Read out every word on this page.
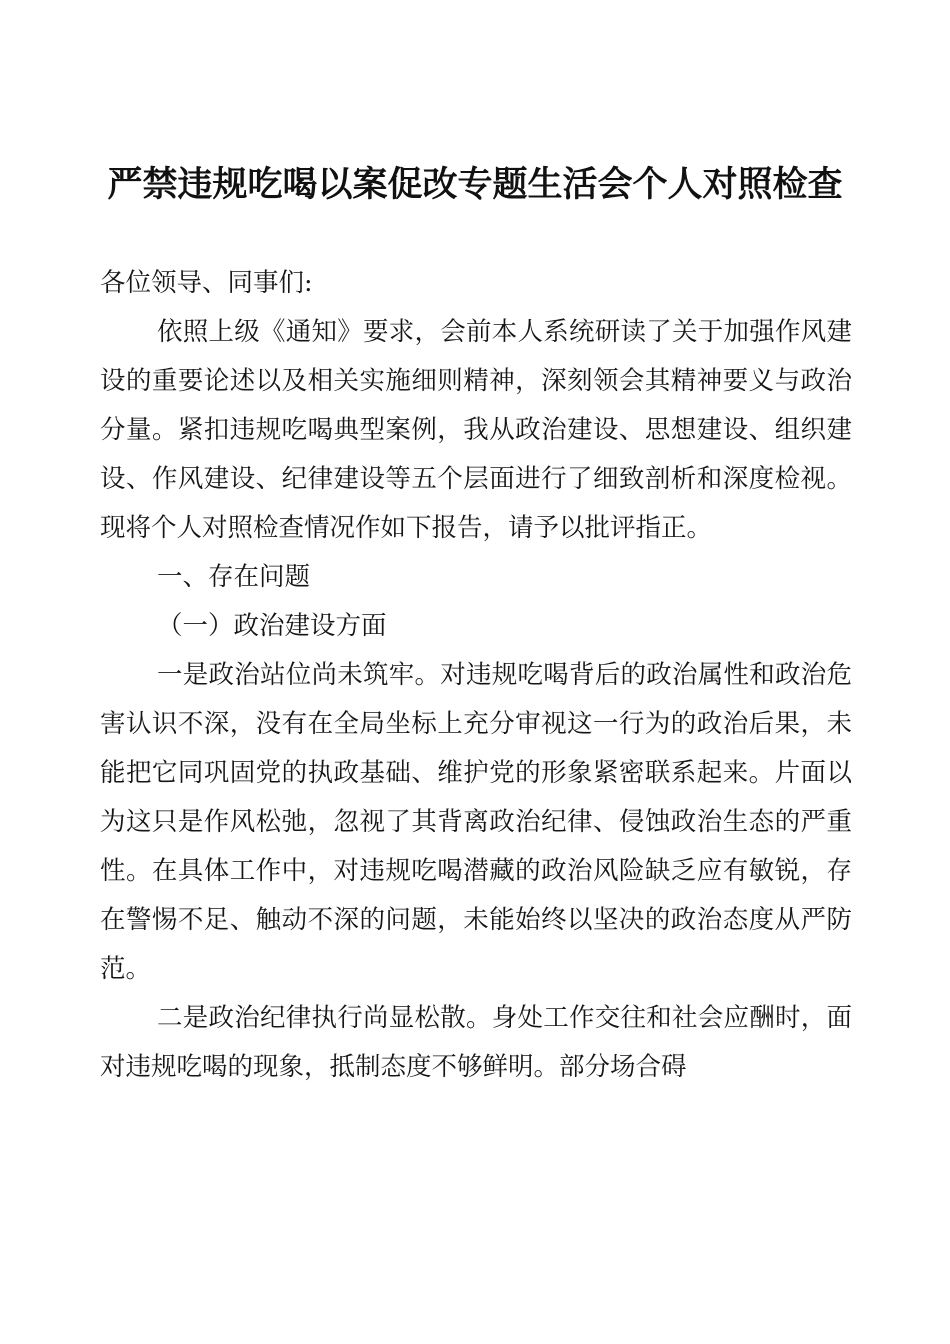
严禁违规吃喝以案促改专题生活会个人对照检查

各位领导、同事们:

依照上级《通知》要求，会前本人系统研读了关于加强作风建设的重要论述以及相关实施细则精神，深刻领会其精神要义与政治分量。紧扣违规吃喝典型案例，我从政治建设、思想建设、组织建设、作风建设、纪律建设等五个层面进行了细致剖析和深度检视。现将个人对照检查情况作如下报告，请予以批评指正。

一、存在问题

（一）政治建设方面

一是政治站位尚未筑牢。对违规吃喝背后的政治属性和政治危害认识不深，没有在全局坐标上充分审视这一行为的政治后果，未能把它同巩固党的执政基础、维护党的形象紧密联系起来。片面以为这只是作风松弛，忽视了其背离政治纪律、侵蚀政治生态的严重性。在具体工作中，对违规吃喝潜藏的政治风险缺乏应有敏锐，存在警惕不足、触动不深的问题，未能始终以坚决的政治态度从严防范。

二是政治纪律执行尚显松散。身处工作交往和社会应酬时，面对违规吃喝的现象，抵制态度不够鲜明。部分场合碍
